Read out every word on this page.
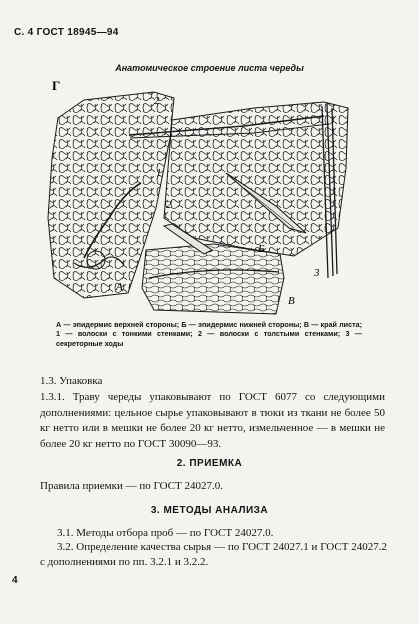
С. 4 ГОСТ 18945—94
Анатомическое строение листа череды
Г
2
1
2
А
Б
В
3
А — эпидермис верхней стороны; Б — эпидермис нижней стороны; В — край листа; 1 — волоски с тонкими стенками; 2 — волоски с толстыми стенками; 3 — секреторные ходы
1.3. Упаковка
1.3.1. Траву череды упаковывают по ГОСТ 6077 со следующими дополнениями: цельное сырье упаковывают в тюки из ткани не более 50 кг нетто или в мешки не более 20 кг нетто, измельченное — в мешки не более 20 кг нетто по ГОСТ 30090—93.
2. ПРИЕМКА
Правила приемки — по ГОСТ 24027.0.
3. МЕТОДЫ АНАЛИЗА
3.1. Методы отбора проб — по ГОСТ 24027.0.
3.2. Определение качества сырья — по ГОСТ 24027.1 и ГОСТ 24027.2 с дополнениями по пп. 3.2.1 и 3.2.2.
4
